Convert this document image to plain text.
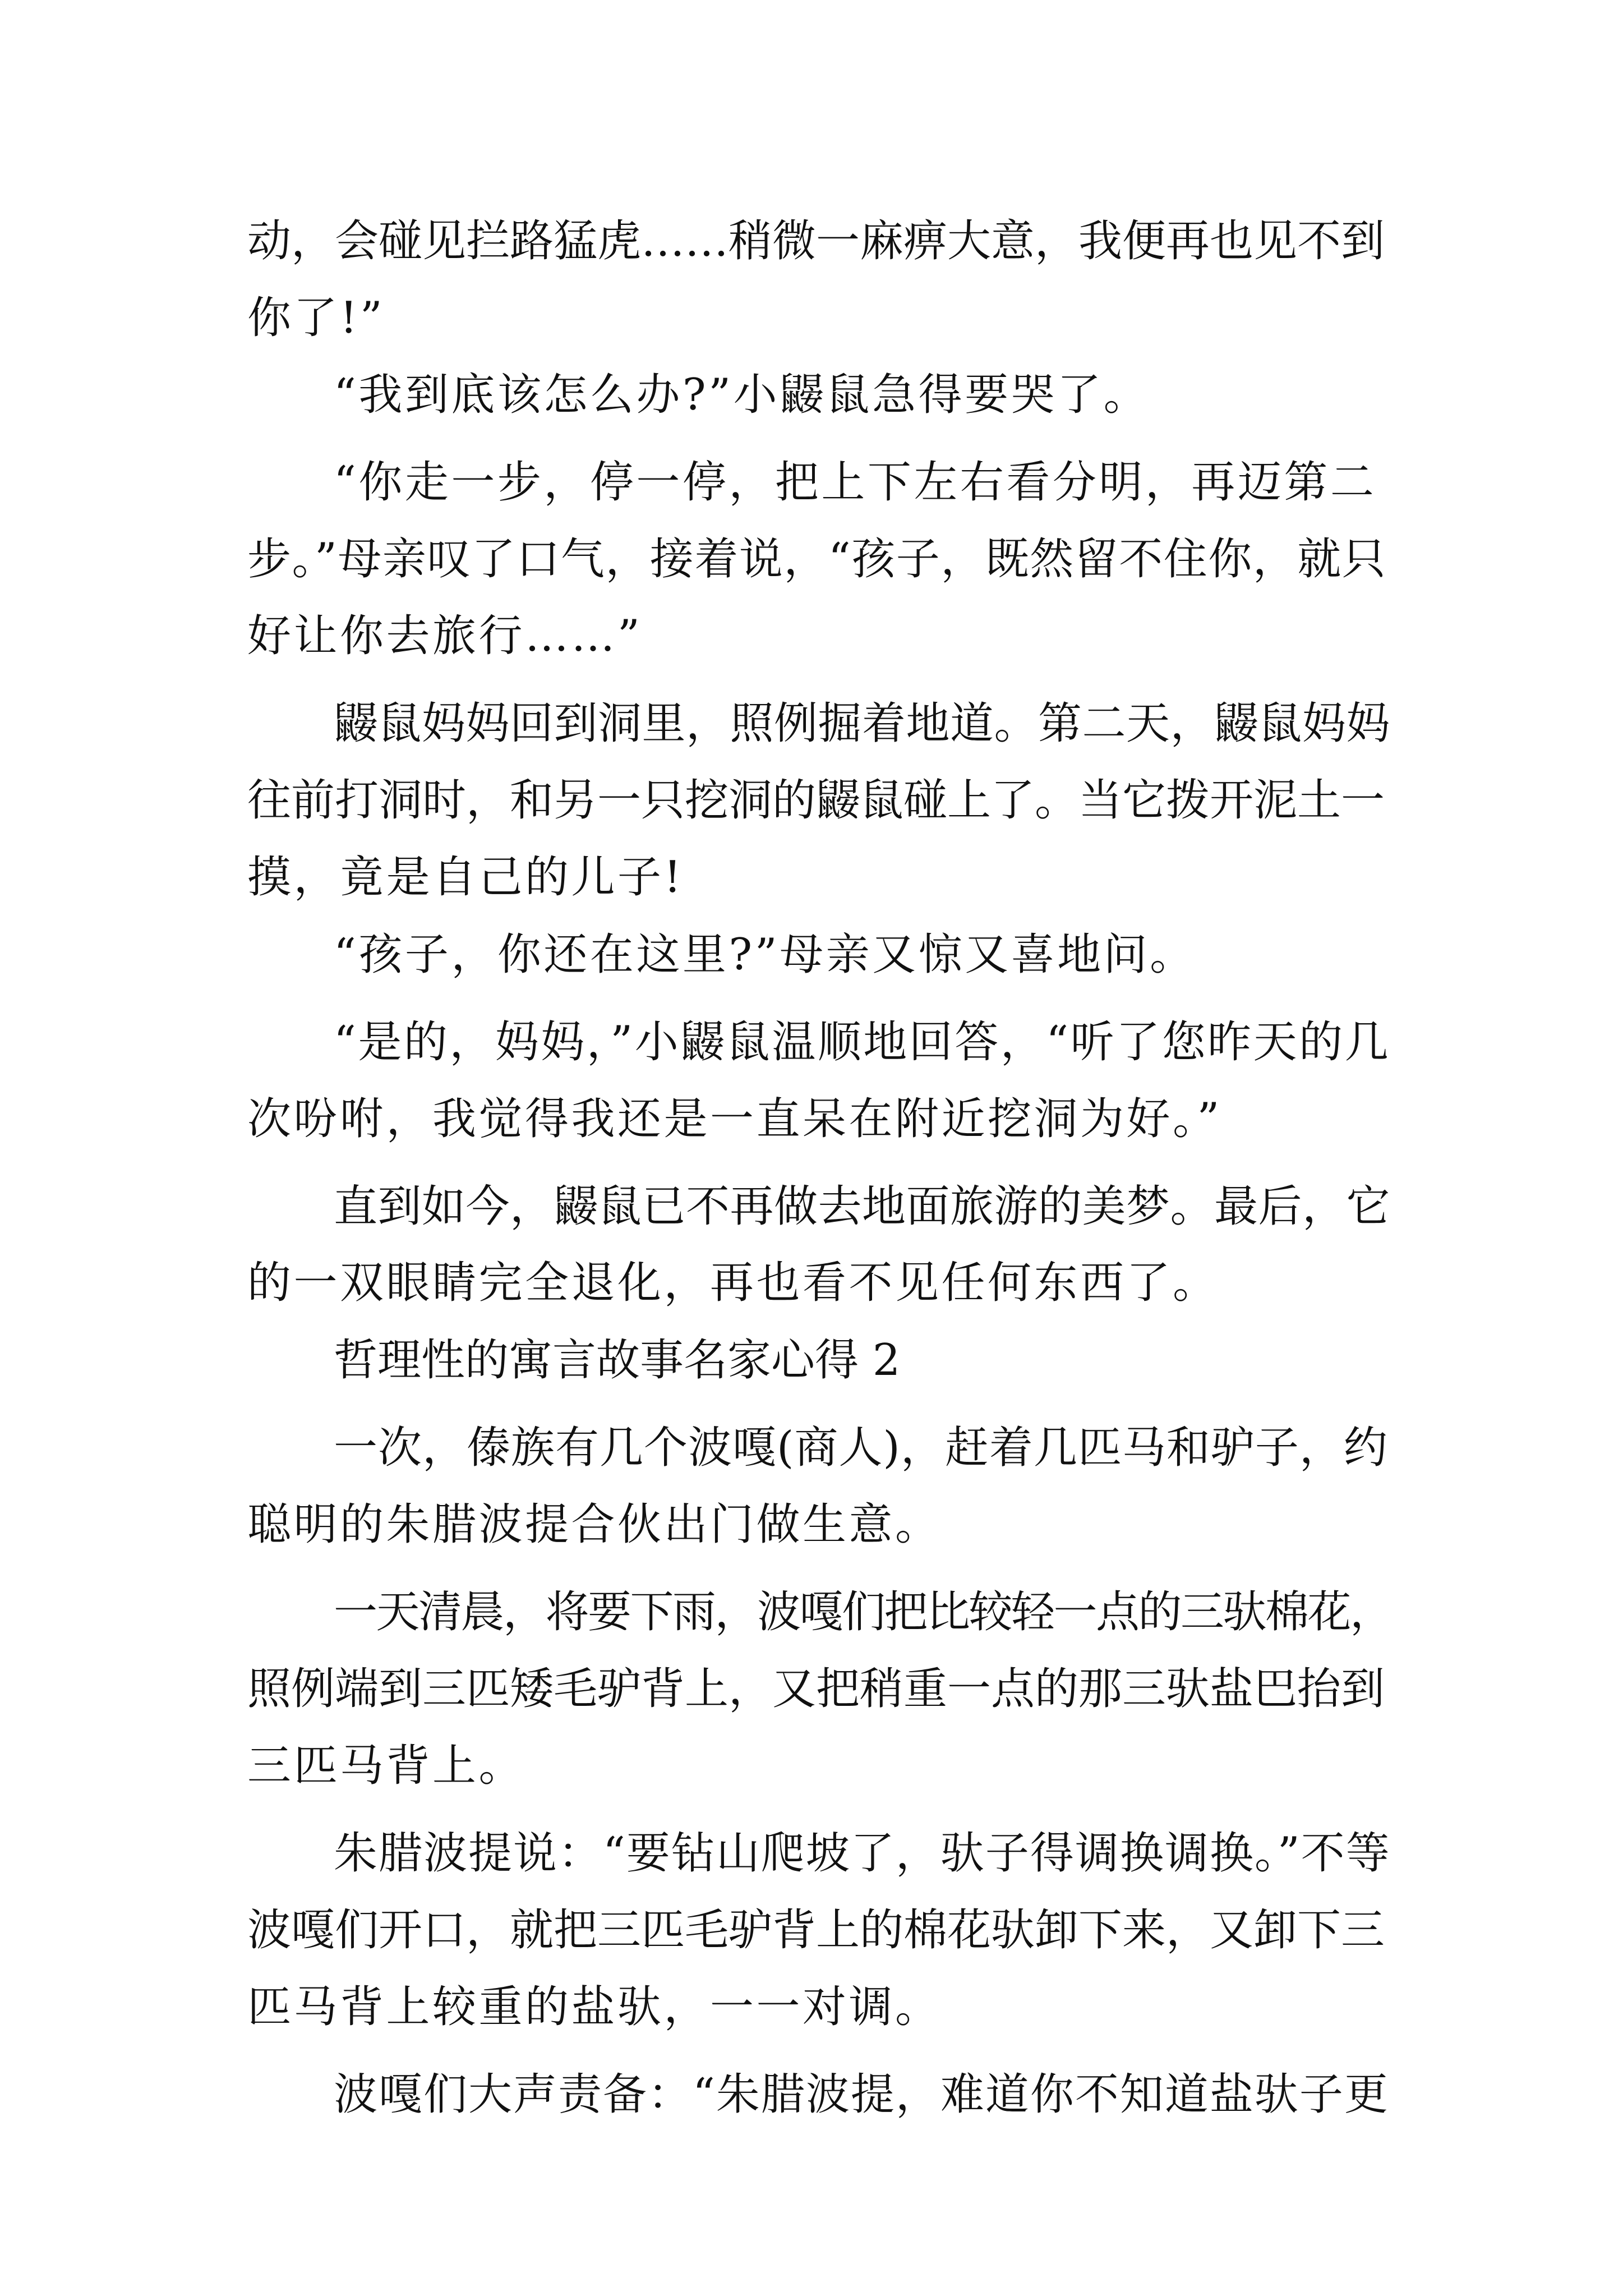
动，会碰见拦路猛虎……稍微一麻痹大意，我便再也见不到
你了!”
“我到底该怎么办?”小鼹鼠急得要哭了。
“你走一步，停一停，把上下左右看分明，再迈第二
步。”母亲叹了口气，接着说，“孩子，既然留不住你，就只
好让你去旅行……”
鼹鼠妈妈回到洞里，照例掘着地道。第二天，鼹鼠妈妈
往前打洞时，和另一只挖洞的鼹鼠碰上了。当它拨开泥土一
摸，竟是自己的儿子!
“孩子，你还在这里?”母亲又惊又喜地问。
“是的，妈妈，”小鼹鼠温顺地回答，“听了您昨天的几
次吩咐，我觉得我还是一直呆在附近挖洞为好。”
直到如今，鼹鼠已不再做去地面旅游的美梦。最后，它
的一双眼睛完全退化，再也看不见任何东西了。
哲理性的寓言故事名家心得 2
一次，傣族有几个波嘎(商人)，赶着几匹马和驴子，约
聪明的朱腊波提合伙出门做生意。
一天清晨，将要下雨，波嘎们把比较轻一点的三驮棉花，
照例端到三匹矮毛驴背上，又把稍重一点的那三驮盐巴抬到
三匹马背上。
朱腊波提说：“要钻山爬坡了，驮子得调换调换。”不等
波嘎们开口，就把三匹毛驴背上的棉花驮卸下来，又卸下三
匹马背上较重的盐驮，一一对调。
波嘎们大声责备：“朱腊波提，难道你不知道盐驮子更
